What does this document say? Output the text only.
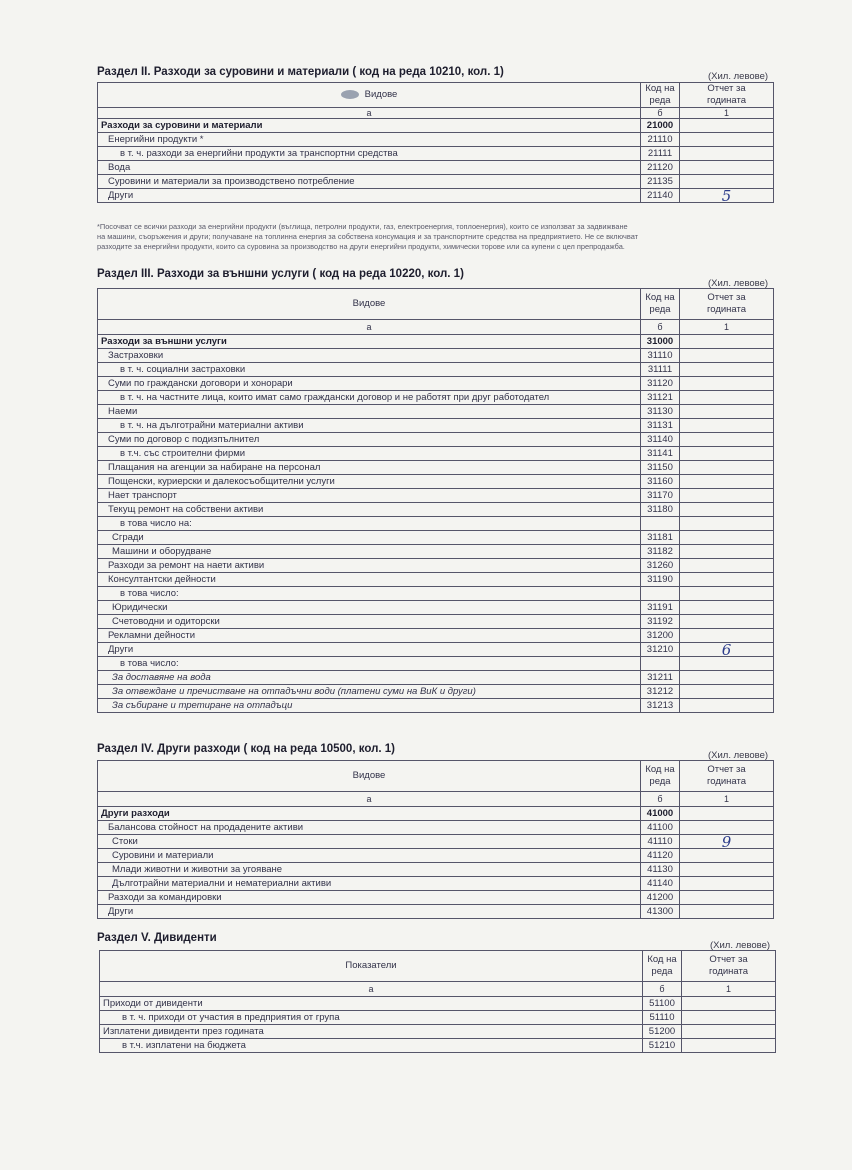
Раздел II. Разходи за суровини и материали ( код на реда 10210, кол. 1)	(Хил. левове)
Видове	Код на
реда	Отчет за
годината
а	б	1
Разходи за суровини и материали	21000	
Енергийни продукти *	21110	
в т. ч. разходи за енергийни продукти за транспортни средства	21111	
Вода	21120	
Суровини и материали за производствено потребление	21135	
Други	21140	5
*Посочват се всички разходи за енергийни продукти (въглища, петролни продукти, газ, електроенергия, топлоенергия), които се използват за задвижване
на машини, съоръжения и други; получаване на топлинна енергия за собствена консумация и за транспортните средства на предприятието. Не се включват
разходите за енергийни продукти, които са суровина за производство на други енергийни продукти, химически торове или са купени с цел препродажба.
Раздел III. Разходи за външни услуги ( код на реда 10220, кол. 1)
(Хил. левове)
Видове	Код на
реда	Отчет за
годината
а	б	1
Разходи за външни услуги	31000	
Застраховки	31110	
в т. ч. социални застраховки	31111	
Суми по граждански договори и хонорари	31120	
в т. ч. на частните лица, които имат само граждански договор и не работят при друг работодател	31121	
Наеми	31130	
в т. ч. на дълготрайни материални активи	31131	
Суми по договор с подизпълнител	31140	
в т.ч. със строителни фирми	31141	
Плащания на агенции за набиране на персонал	31150	
Пощенски, куриерски и далекосъобщителни услуги	31160	
Нает транспорт	31170	
Текущ ремонт на собствени активи	31180	
в това число на:		
Сгради	31181	
Машини и оборудване	31182	
Разходи за ремонт на наети активи	31260	
Консултантски дейности	31190	
в това число:		
Юридически	31191	
Счетоводни и одиторски	31192	
Рекламни дейности	31200	
Други	31210	6
в това число:		
За доставяне на вода	31211	
За отвеждане и пречистване на отпадъчни води (платени суми на ВиК и други)	31212	
За събиране и третиране на отпадъци	31213	
Раздел IV. Други разходи ( код на реда 10500, кол. 1)
(Хил. левове)
Видове	Код на
реда	Отчет за
годината
а	б	1
Други разходи	41000	
Балансова стойност на продадените активи	41100	
Стоки	41110	9
Суровини и материали	41120	
Млади животни и животни за угояване	41130	
Дълготрайни материални и нематериални активи	41140	
Разходи за командировки	41200	
Други	41300	
Раздел V. Дивиденти
(Хил. левове)
Показатели	Код на
реда	Отчет за
годината
а	б	1
Приходи от дивиденти	51100	
в т. ч. приходи от участия в предприятия от група	51110	
Изплатени дивиденти през годината	51200	
в т.ч. изплатени на бюджета	51210	
